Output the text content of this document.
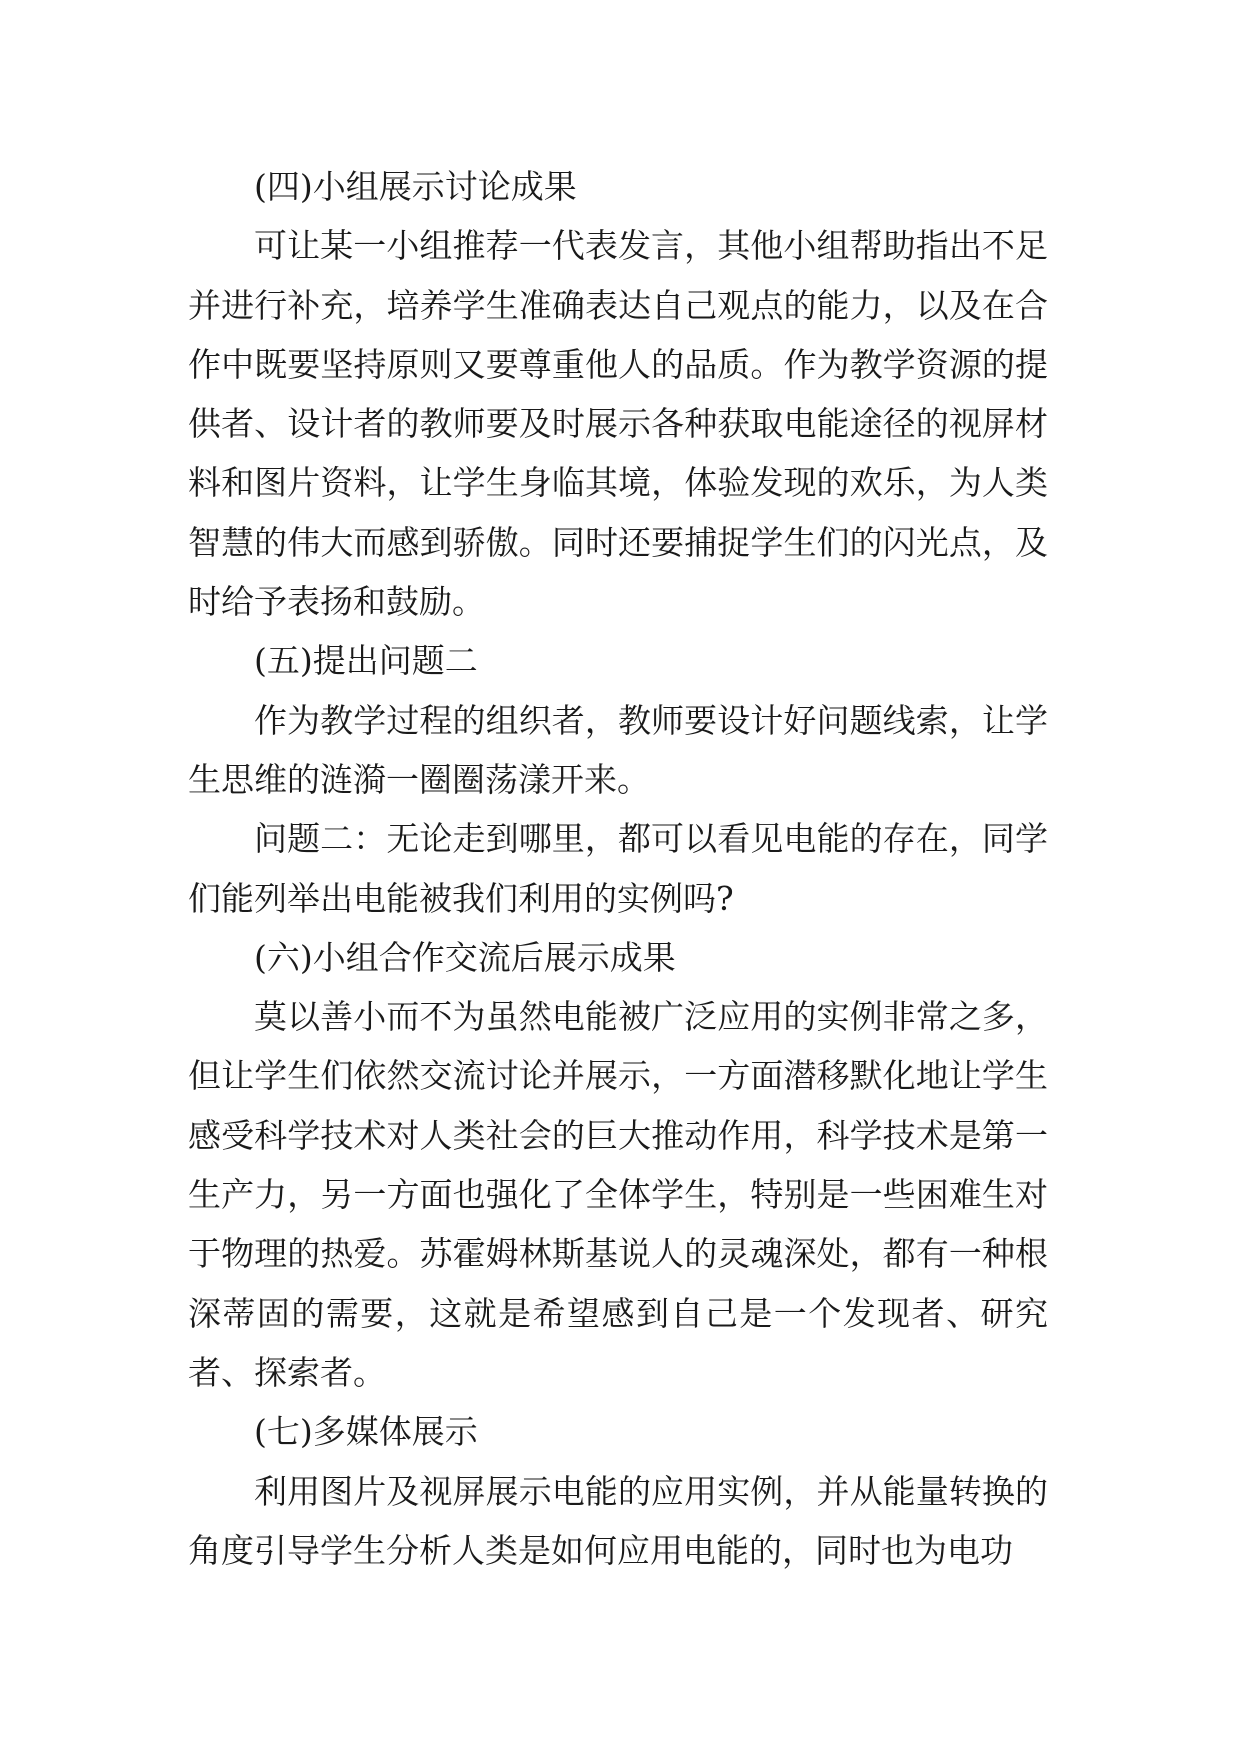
(四)小组展示讨论成果

可让某一小组推荐一代表发言，其他小组帮助指出不足并进行补充，培养学生准确表达自己观点的能力，以及在合作中既要坚持原则又要尊重他人的品质。作为教学资源的提供者、设计者的教师要及时展示各种获取电能途径的视屏材料和图片资料，让学生身临其境，体验发现的欢乐，为人类智慧的伟大而感到骄傲。同时还要捕捉学生们的闪光点，及时给予表扬和鼓励。

(五)提出问题二

作为教学过程的组织者，教师要设计好问题线索，让学生思维的涟漪一圈圈荡漾开来。

问题二：无论走到哪里，都可以看见电能的存在，同学们能列举出电能被我们利用的实例吗?

(六)小组合作交流后展示成果

莫以善小而不为虽然电能被广泛应用的实例非常之多，但让学生们依然交流讨论并展示，一方面潜移默化地让学生感受科学技术对人类社会的巨大推动作用，科学技术是第一生产力，另一方面也强化了全体学生，特别是一些困难生对于物理的热爱。苏霍姆林斯基说人的灵魂深处，都有一种根深蒂固的需要，这就是希望感到自己是一个发现者、研究者、探索者。

(七)多媒体展示

利用图片及视屏展示电能的应用实例，并从能量转换的角度引导学生分析人类是如何应用电能的，同时也为电功
